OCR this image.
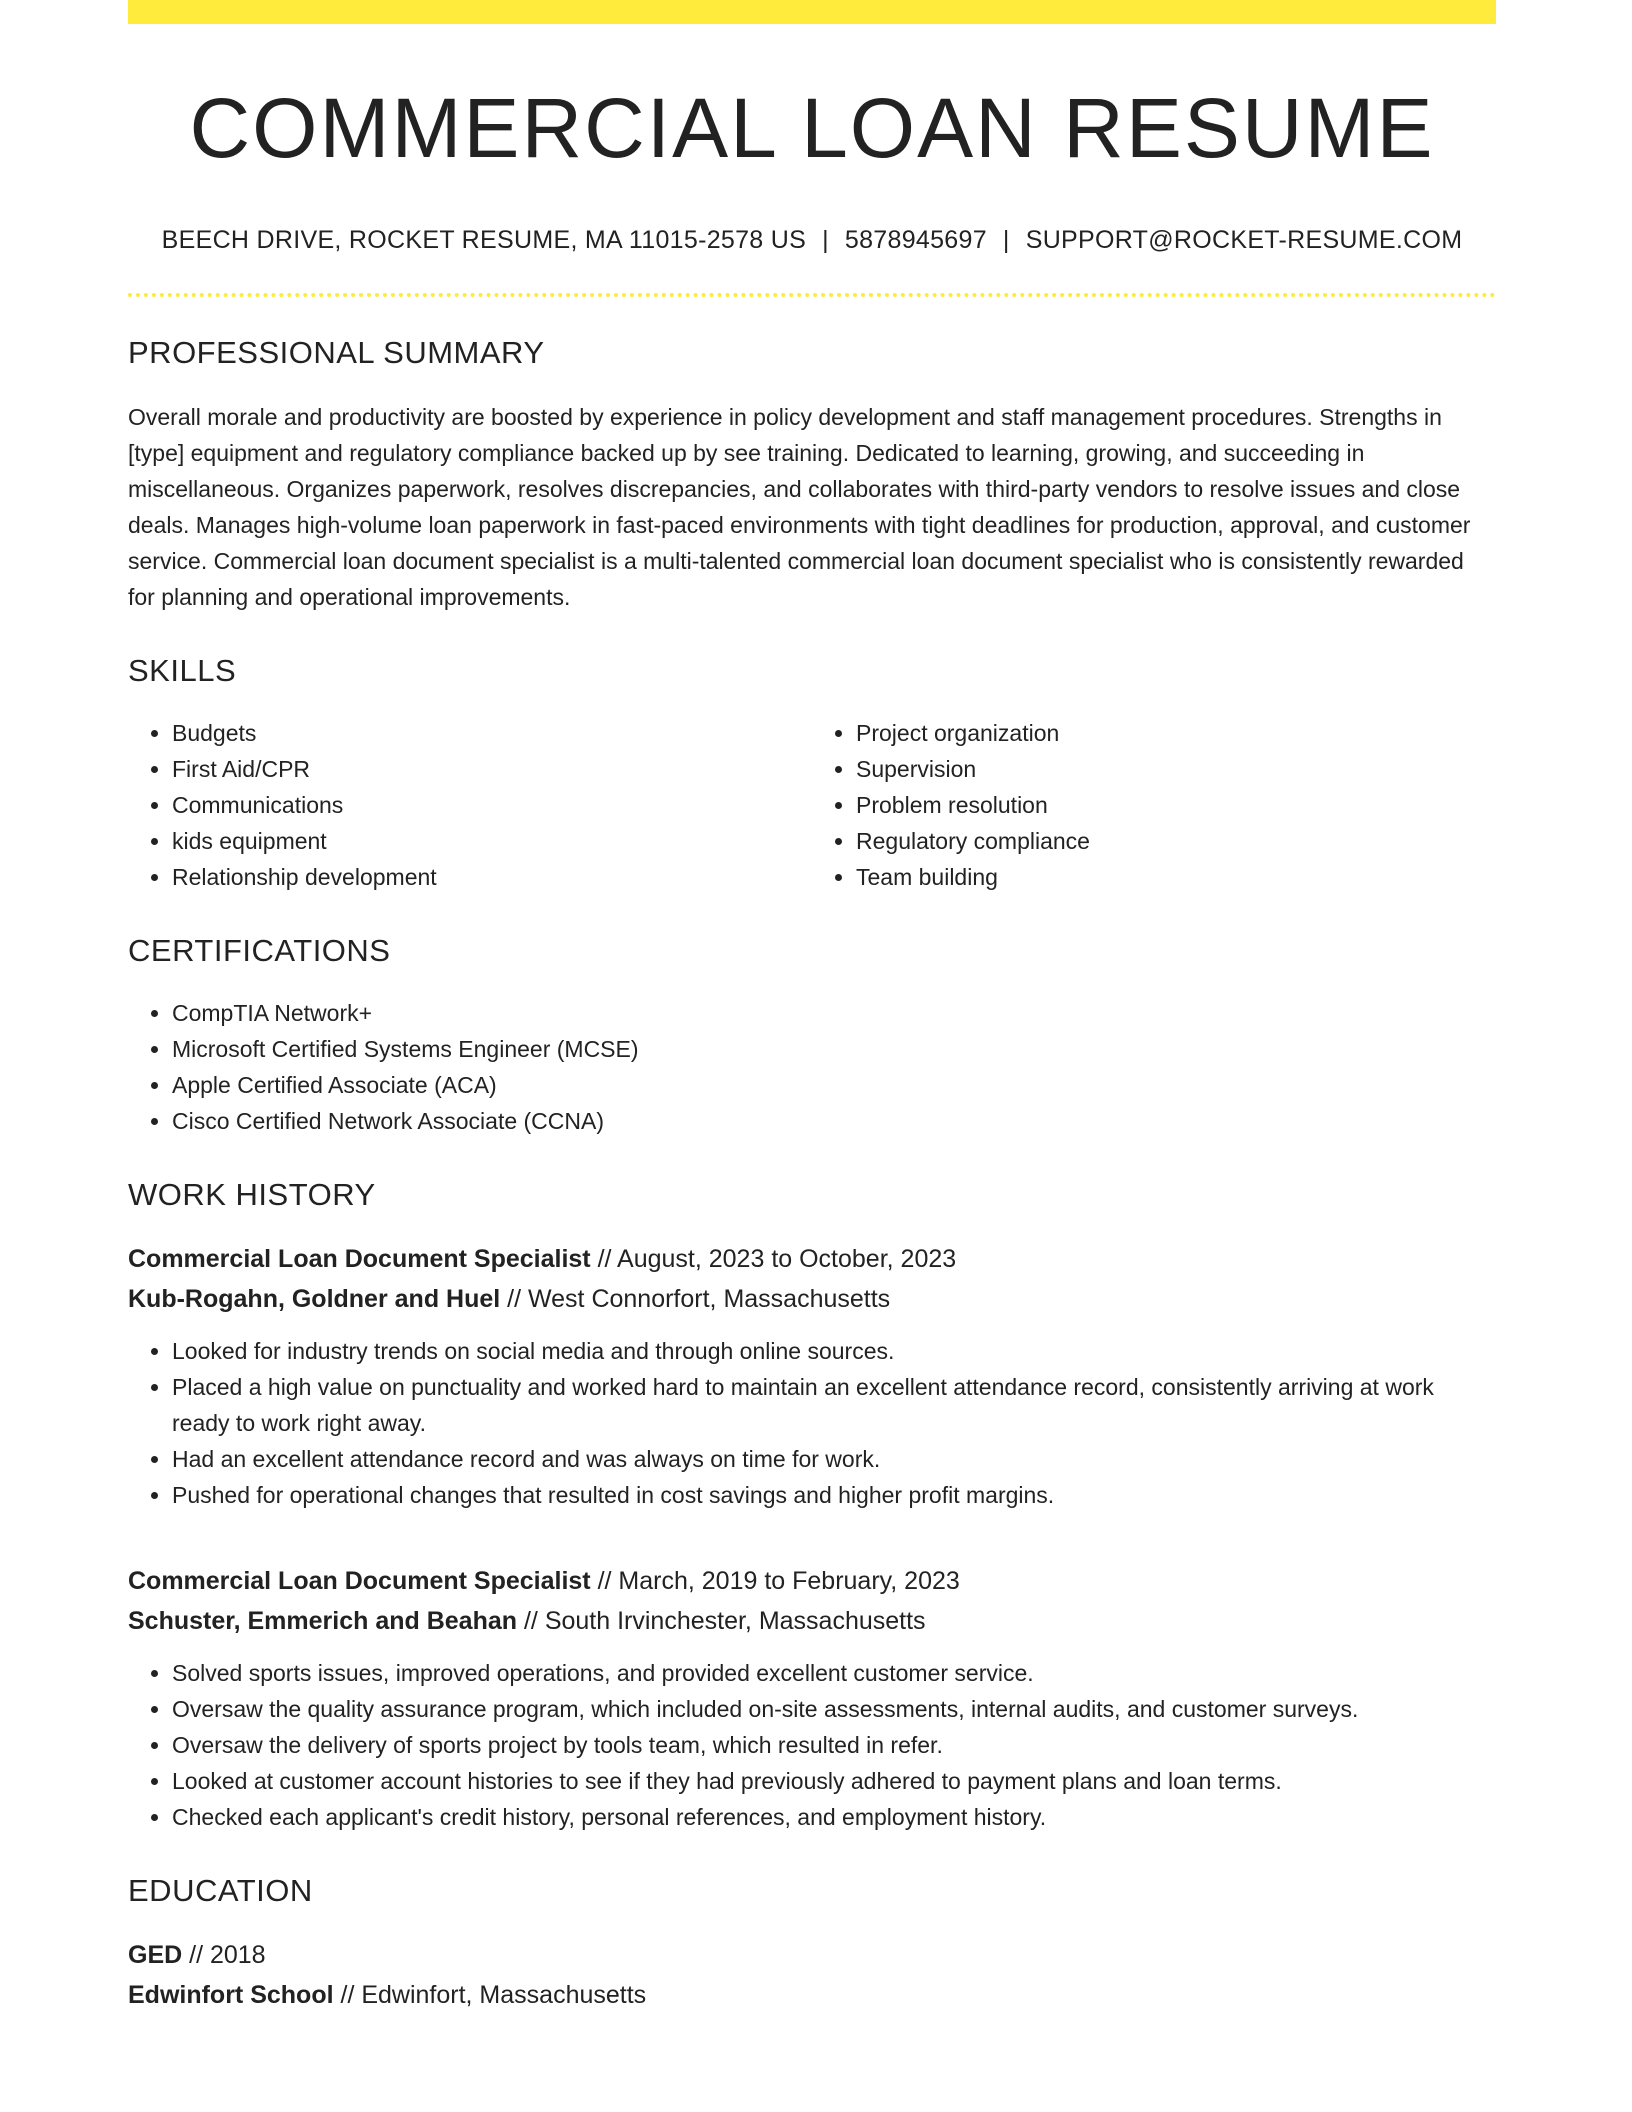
COMMERCIAL LOAN RESUME
BEECH DRIVE, ROCKET RESUME, MA 11015-2578 US | 5878945697 | SUPPORT@ROCKET-RESUME.COM
PROFESSIONAL SUMMARY

Overall morale and productivity are boosted by experience in policy development and staff management procedures. Strengths in [type] equipment and regulatory compliance backed up by see training. Dedicated to learning, growing, and succeeding in miscellaneous. Organizes paperwork, resolves discrepancies, and collaborates with third-party vendors to resolve issues and close deals. Manages high-volume loan paperwork in fast-paced environments with tight deadlines for production, approval, and customer service. Commercial loan document specialist is a multi-talented commercial loan document specialist who is consistently rewarded for planning and operational improvements.

SKILLS
• Budgets
• First Aid/CPR
• Communications
• kids equipment
• Relationship development
• Project organization
• Supervision
• Problem resolution
• Regulatory compliance
• Team building
CERTIFICATIONS
• CompTIA Network+
• Microsoft Certified Systems Engineer (MCSE)
• Apple Certified Associate (ACA)
• Cisco Certified Network Associate (CCNA)
WORK HISTORY
Commercial Loan Document Specialist // August, 2023 to October, 2023
Kub-Rogahn, Goldner and Huel // West Connorfort, Massachusetts
• Looked for industry trends on social media and through online sources.
• Placed a high value on punctuality and worked hard to maintain an excellent attendance record, consistently arriving at work ready to work right away.
• Had an excellent attendance record and was always on time for work.
• Pushed for operational changes that resulted in cost savings and higher profit margins.
Commercial Loan Document Specialist // March, 2019 to February, 2023
Schuster, Emmerich and Beahan // South Irvinchester, Massachusetts
• Solved sports issues, improved operations, and provided excellent customer service.
• Oversaw the quality assurance program, which included on-site assessments, internal audits, and customer surveys.
• Oversaw the delivery of sports project by tools team, which resulted in refer.
• Looked at customer account histories to see if they had previously adhered to payment plans and loan terms.
• Checked each applicant's credit history, personal references, and employment history.
EDUCATION
GED // 2018
Edwinfort School // Edwinfort, Massachusetts
